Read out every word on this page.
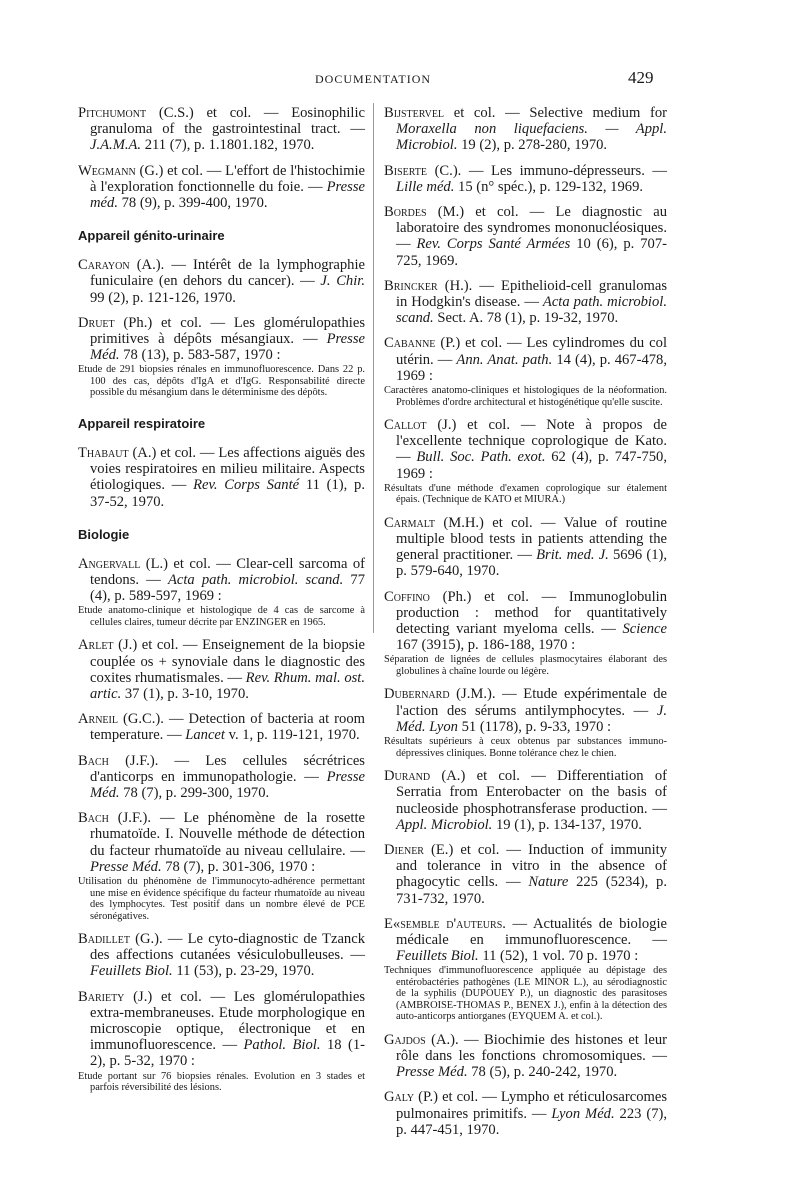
DOCUMENTATION	429
Pitchumont (C.S.) et col. — Eosinophilic granuloma of the gastrointestinal tract. — J.A.M.A. 211 (7), p. 1.1801.182, 1970.
Wegmann (G.) et col. — L'effort de l'histochimie à l'exploration fonctionnelle du foie. — Presse méd. 78 (9), p. 399-400, 1970.
Appareil génito-urinaire
Carayon (A.). — Intérêt de la lymphographie funiculaire (en dehors du cancer). — J. Chir. 99 (2), p. 121-126, 1970.
Druet (Ph.) et col. — Les glomérulopathies primitives à dépôts mésangiaux. — Presse Méd. 78 (13), p. 583-587, 1970 :
Etude de 291 biopsies rénales en immunofluorescence. Dans 22 p. 100 des cas, dépôts d'IgA et d'IgG. Responsabilité directe possible du mésangium dans le déterminisme des dépôts.
Appareil respiratoire
Thabaut (A.) et col. — Les affections aiguës des voies respiratoires en milieu militaire. Aspects étiologiques. — Rev. Corps Santé 11 (1), p. 37-52, 1970.
Biologie
Angervall (L.) et col. — Clear-cell sarcoma of tendons. — Acta path. microbiol. scand. 77 (4), p. 589-597, 1969 :
Etude anatomo-clinique et histologique de 4 cas de sarcome à cellules claires, tumeur décrite par ENZINGER en 1965.
Arlet (J.) et col. — Enseignement de la biopsie couplée os + synoviale dans le diagnostic des coxites rhumatismales. — Rev. Rhum. mal. ost. artic. 37 (1), p. 3-10, 1970.
Arneil (G.C.). — Detection of bacteria at room temperature. — Lancet v. 1, p. 119-121, 1970.
Bach (J.F.). — Les cellules sécrétrices d'anticorps en immunopathologie. — Presse Méd. 78 (7), p. 299-300, 1970.
Bach (J.F.). — Le phénomène de la rosette rhumatoïde. I. Nouvelle méthode de détection du facteur rhumatoïde au niveau cellulaire. — Presse Méd. 78 (7), p. 301-306, 1970 :
Utilisation du phénomène de l'immunocyto-adhérence permettant une mise en évidence spécifique du facteur rhumatoïde au niveau des lymphocytes. Test positif dans un nombre élevé de PCE séronégatives.
Badillet (G.). — Le cyto-diagnostic de Tzanck des affections cutanées vésiculobulleuses. — Feuillets Biol. 11 (53), p. 23-29, 1970.
Bariety (J.) et col. — Les glomérulopathies extra-membraneuses. Etude morphologique en microscopie optique, électronique et en immunofluorescence. — Pathol. Biol. 18 (1-2), p. 5-32, 1970 :
Etude portant sur 76 biopsies rénales. Evolution en 3 stades et parfois réversibilité des lésions.
Bijstervel et col. — Selective medium for Moraxella non liquefaciens. — Appl. Microbiol. 19 (2), p. 278-280, 1970.
Biserte (C.). — Les immuno-dépresseurs. — Lille méd. 15 (n° spéc.), p. 129-132, 1969.
Bordes (M.) et col. — Le diagnostic au laboratoire des syndromes mononucléosiques. — Rev. Corps Santé Armées 10 (6), p. 707-725, 1969.
Brincker (H.). — Epithelioid-cell granulomas in Hodgkin's disease. — Acta path. microbiol. scand. Sect. A. 78 (1), p. 19-32, 1970.
Cabanne (P.) et col. — Les cylindromes du col utérin. — Ann. Anat. path. 14 (4), p. 467-478, 1969 :
Caractères anatomo-cliniques et histologiques de la néoformation. Problèmes d'ordre architectural et histogénétique qu'elle suscite.
Callot (J.) et col. — Note à propos de l'excellente technique coprologique de Kato. — Bull. Soc. Path. exot. 62 (4), p. 747-750, 1969 :
Résultats d'une méthode d'examen coprologique sur étalement épais. (Technique de KATO et MIURA.)
Carmalt (M.H.) et col. — Value of routine multiple blood tests in patients attending the general practitioner. — Brit. med. J. 5696 (1), p. 579-640, 1970.
Coffino (Ph.) et col. — Immunoglobulin production : method for quantitatively detecting variant myeloma cells. — Science 167 (3915), p. 186-188, 1970 :
Séparation de lignées de cellules plasmocytaires élaborant des globulines à chaîne lourde ou légère.
Dubernard (J.M.). — Etude expérimentale de l'action des sérums antilymphocytes. — J. Méd. Lyon 51 (1178), p. 9-33, 1970 :
Résultats supérieurs à ceux obtenus par substances immuno-dépressives cliniques. Bonne tolérance chez le chien.
Durand (A.) et col. — Differentiation of Serratia from Enterobacter on the basis of nucleoside phosphotransferase production. — Appl. Microbiol. 19 (1), p. 134-137, 1970.
Diener (E.) et col. — Induction of immunity and tolerance in vitro in the absence of phagocytic cells. — Nature 225 (5234), p. 731-732, 1970.
E«semble d'auteurs. — Actualités de biologie médicale en immunofluorescence. — Feuillets Biol. 11 (52), 1 vol. 70 p. 1970 :
Techniques d'immunofluorescence appliquée au dépistage des entérobactéries pathogènes (LE MINOR L.), au sérodiagnostic de la syphilis (DUPOUEY P.), un diagnostic des parasitoses (AMBROISE-THOMAS P., BENEX J.), enfin à la détection des auto-anticorps antiorganes (EYQUEM A. et col.).
Gajdos (A.). — Biochimie des histones et leur rôle dans les fonctions chromosomiques. — Presse Méd. 78 (5), p. 240-242, 1970.
Galy (P.) et col. — Lympho et réticulosarcomes pulmonaires primitifs. — Lyon Méd. 223 (7), p. 447-451, 1970.
